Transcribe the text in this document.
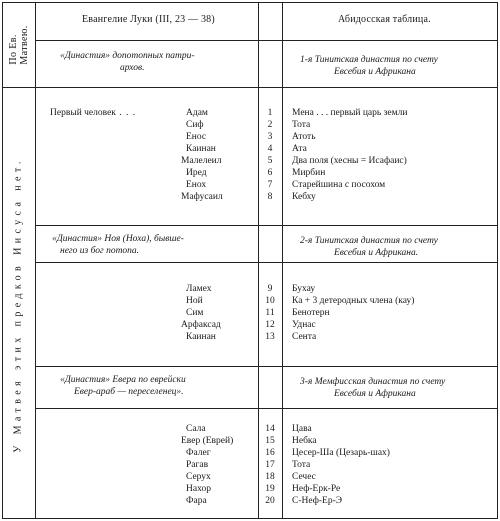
По Ев. Матвею.
Евангелие Луки (III, 23 — 38)	Абидосская таблица.
У Матвея этих предков Иисуса нет.
«Династия» допотопных патри-
архов.
1-я Тинитская династия по счету
Евсебия и Африкана
Первый человек . . .	Адам
Сиф
Енос
Каинан
Малелеил
Иред
Енох
Мафусаил
1
2
3
4
5
6
7
8
Мена . . . первый царь земли
Тота
Атоть
Ата
Два поля (хесны = Исафаис)
Мирбин
Старейшина с посохом
Кебху
«Династия» Ноя (Ноха), бывше-
него из бог потопа.
2-я Тинитская династия по счету
Евсебия и Африкана.
Ламех
Ной
Сим
Арфаксад
Каинан
9
10
11
12
13
Бухау
Ка + 3 детеродных члена (кау)
Бенотерн
Уднас
Сента
«Династия» Евера по еврейски
Евер-араб — переселенец».
3-я Мемфисская династия по счету
Евсебия и Африкана
Сала
Евер (Еврей)
Фалег
Рагав
Серух
Нахор
Фара
14
15
16
17
18
19
20
Цава
Небка
Цесер-Ша (Цезарь-шах)
Тота
Сечес
Неф-Ерк-Ре
С-Неф-Ер-Э
